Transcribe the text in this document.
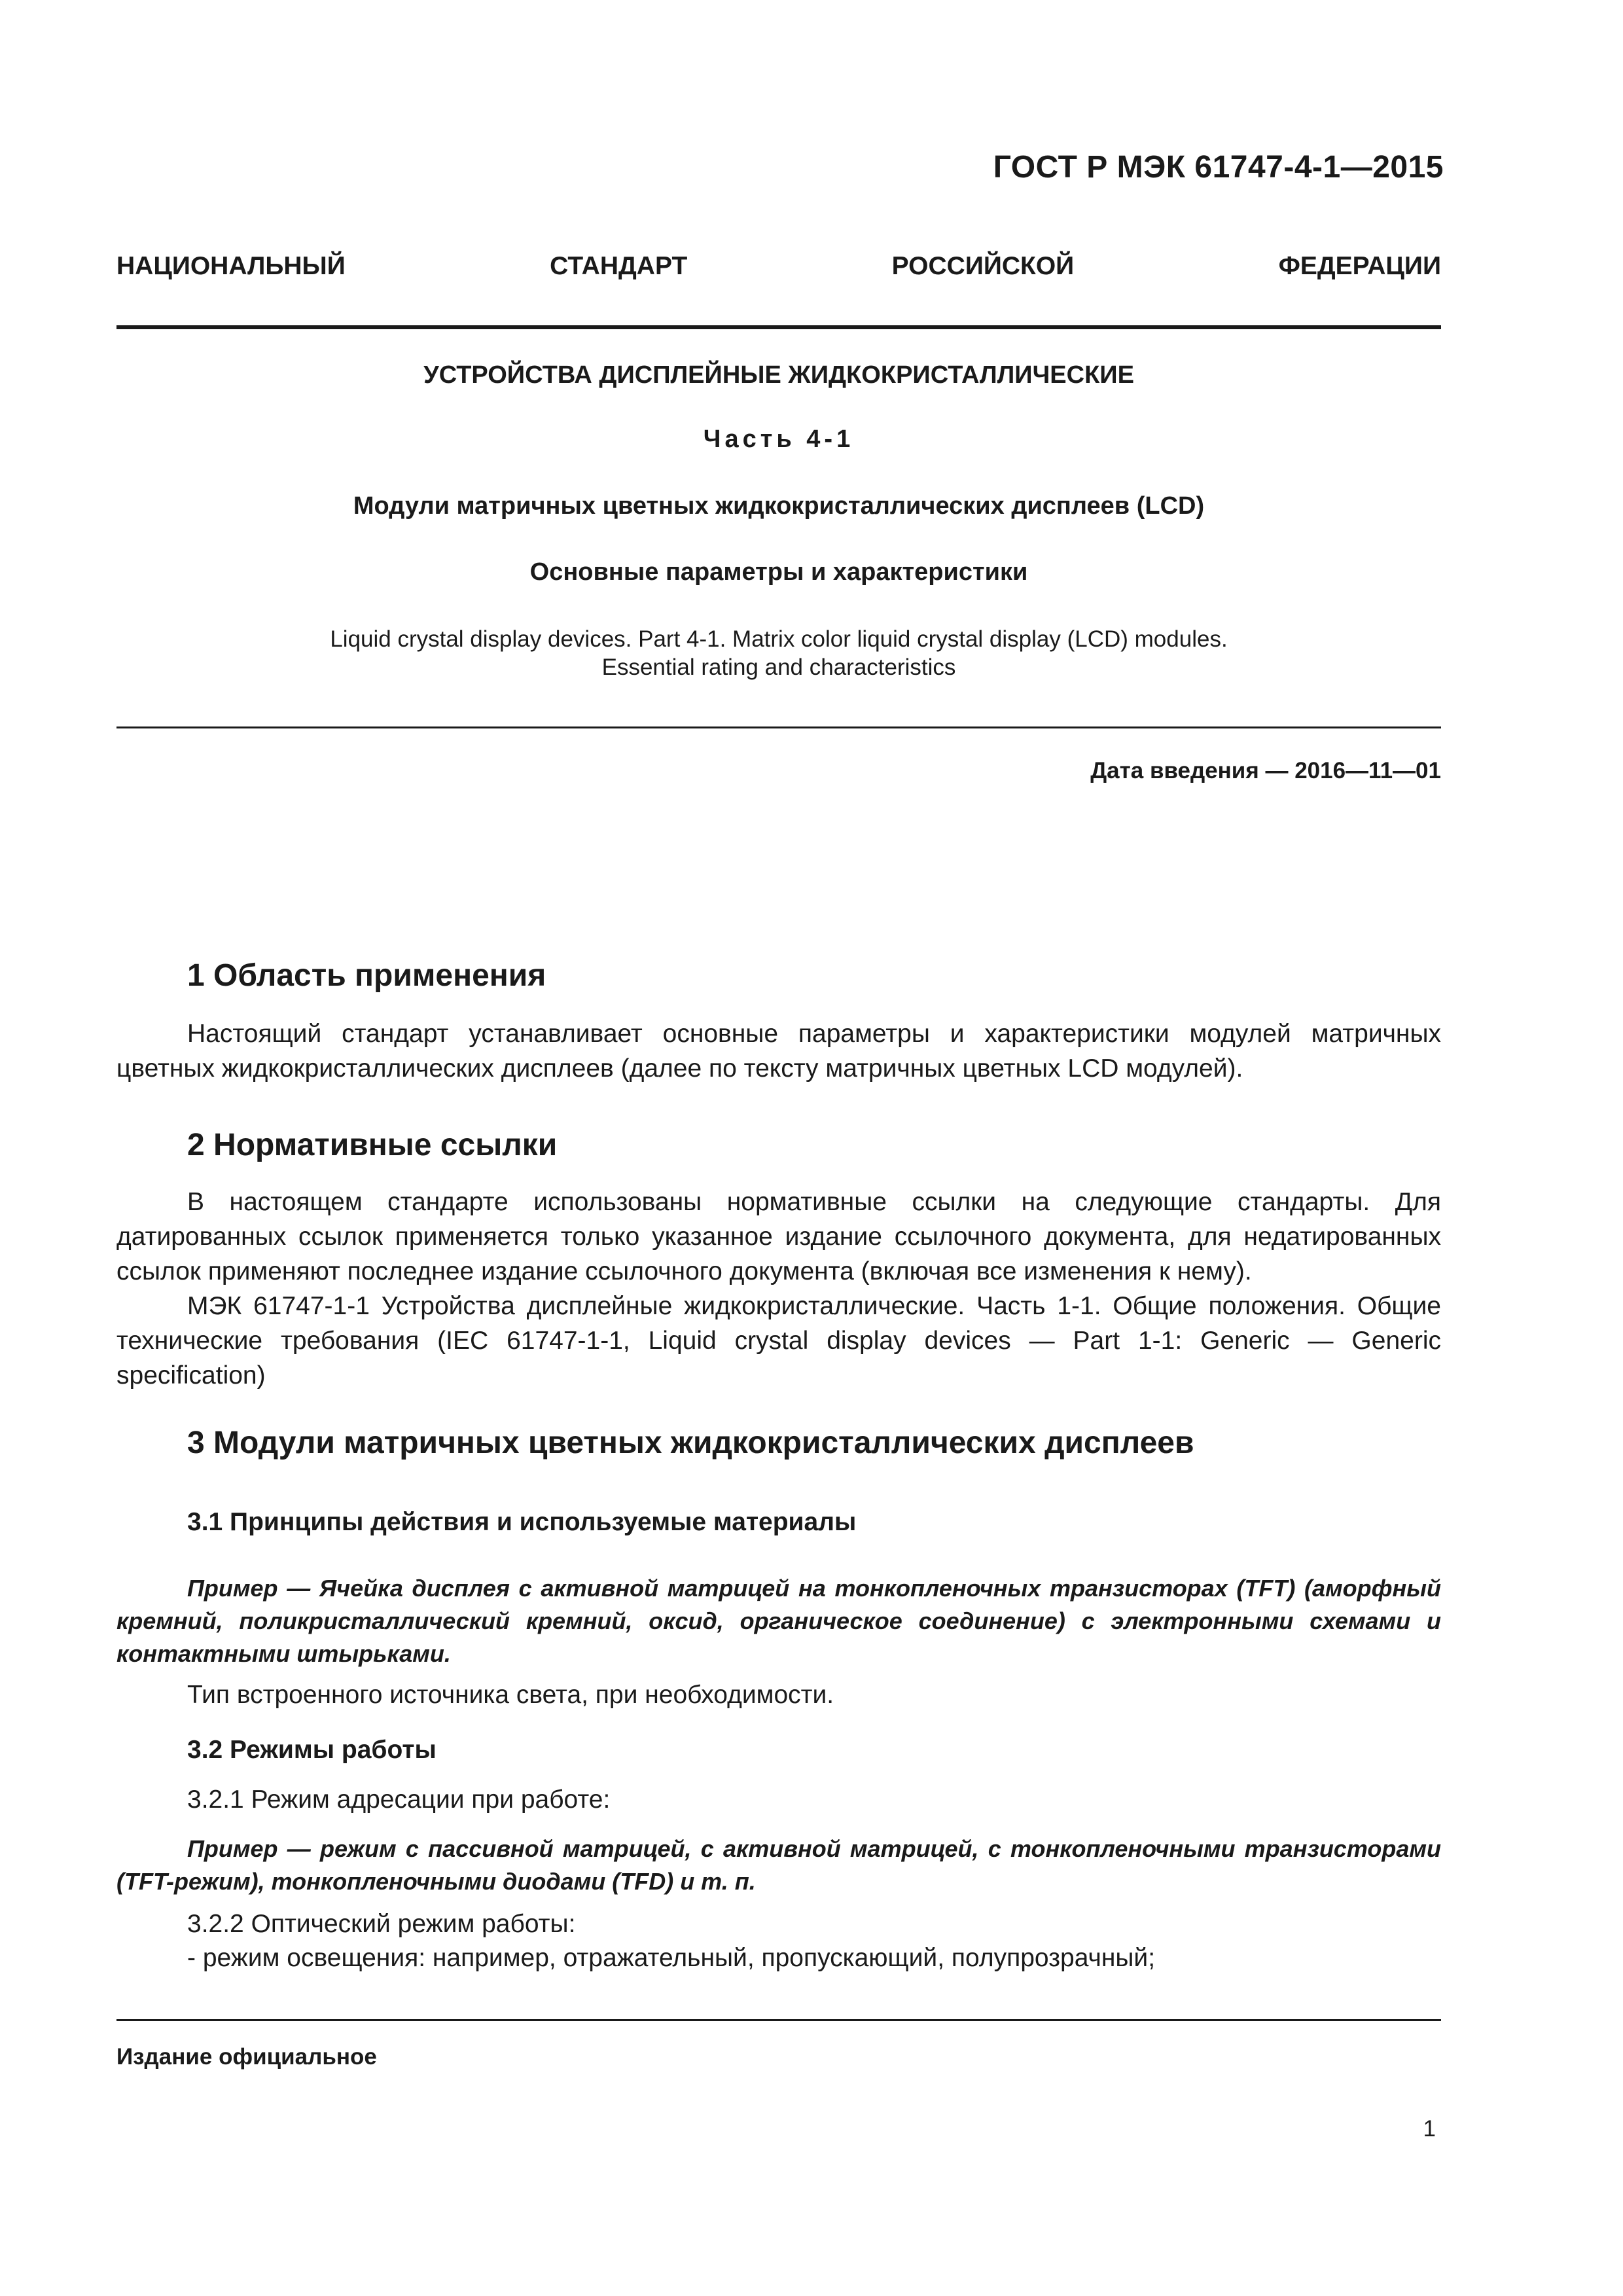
ГОСТ Р МЭК 61747-4-1—2015
НАЦИОНАЛЬНЫЙ	СТАНДАРТ	РОССИЙСКОЙ	ФЕДЕРАЦИИ
УСТРОЙСТВА ДИСПЛЕЙНЫЕ ЖИДКОКРИСТАЛЛИЧЕСКИЕ
Часть 4-1
Модули матричных цветных жидкокристаллических дисплеев (LCD)
Основные параметры и характеристики
Liquid crystal display devices. Part 4-1. Matrix color liquid crystal display (LCD) modules.
Essential rating and characteristics
Дата введения — 2016—11—01
1 Область применения
Настоящий стандарт устанавливает основные параметры и характеристики модулей матричных цветных жидкокристаллических дисплеев (далее по тексту матричных цветных LCD модулей).
2 Нормативные ссылки
В настоящем стандарте использованы нормативные ссылки на следующие стандарты. Для датированных ссылок применяется только указанное издание ссылочного документа, для недатированных ссылок применяют последнее издание ссылочного документа (включая все изменения к нему).
МЭК 61747-1-1 Устройства дисплейные жидкокристаллические. Часть 1-1. Общие положения. Общие технические требования (IEC 61747-1-1, Liquid crystal display devices — Part 1-1: Generic — Generic specification)
3 Модули матричных цветных жидкокристаллических дисплеев
3.1 Принципы действия и используемые материалы
Пример — Ячейка дисплея с активной матрицей на тонкопленочных транзисторах (TFT) (аморфный кремний, поликристаллический кремний, оксид, органическое соединение) с электронными схемами и контактными штырьками.
Тип встроенного источника света, при необходимости.
3.2 Режимы работы
3.2.1 Режим адресации при работе:
Пример — режим с пассивной матрицей, с активной матрицей, с тонкопленочными транзисторами (TFT-режим), тонкопленочными диодами (TFD) и т. п.
3.2.2 Оптический режим работы:
- режим освещения: например, отражательный, пропускающий, полупрозрачный;
Издание официальное
1
